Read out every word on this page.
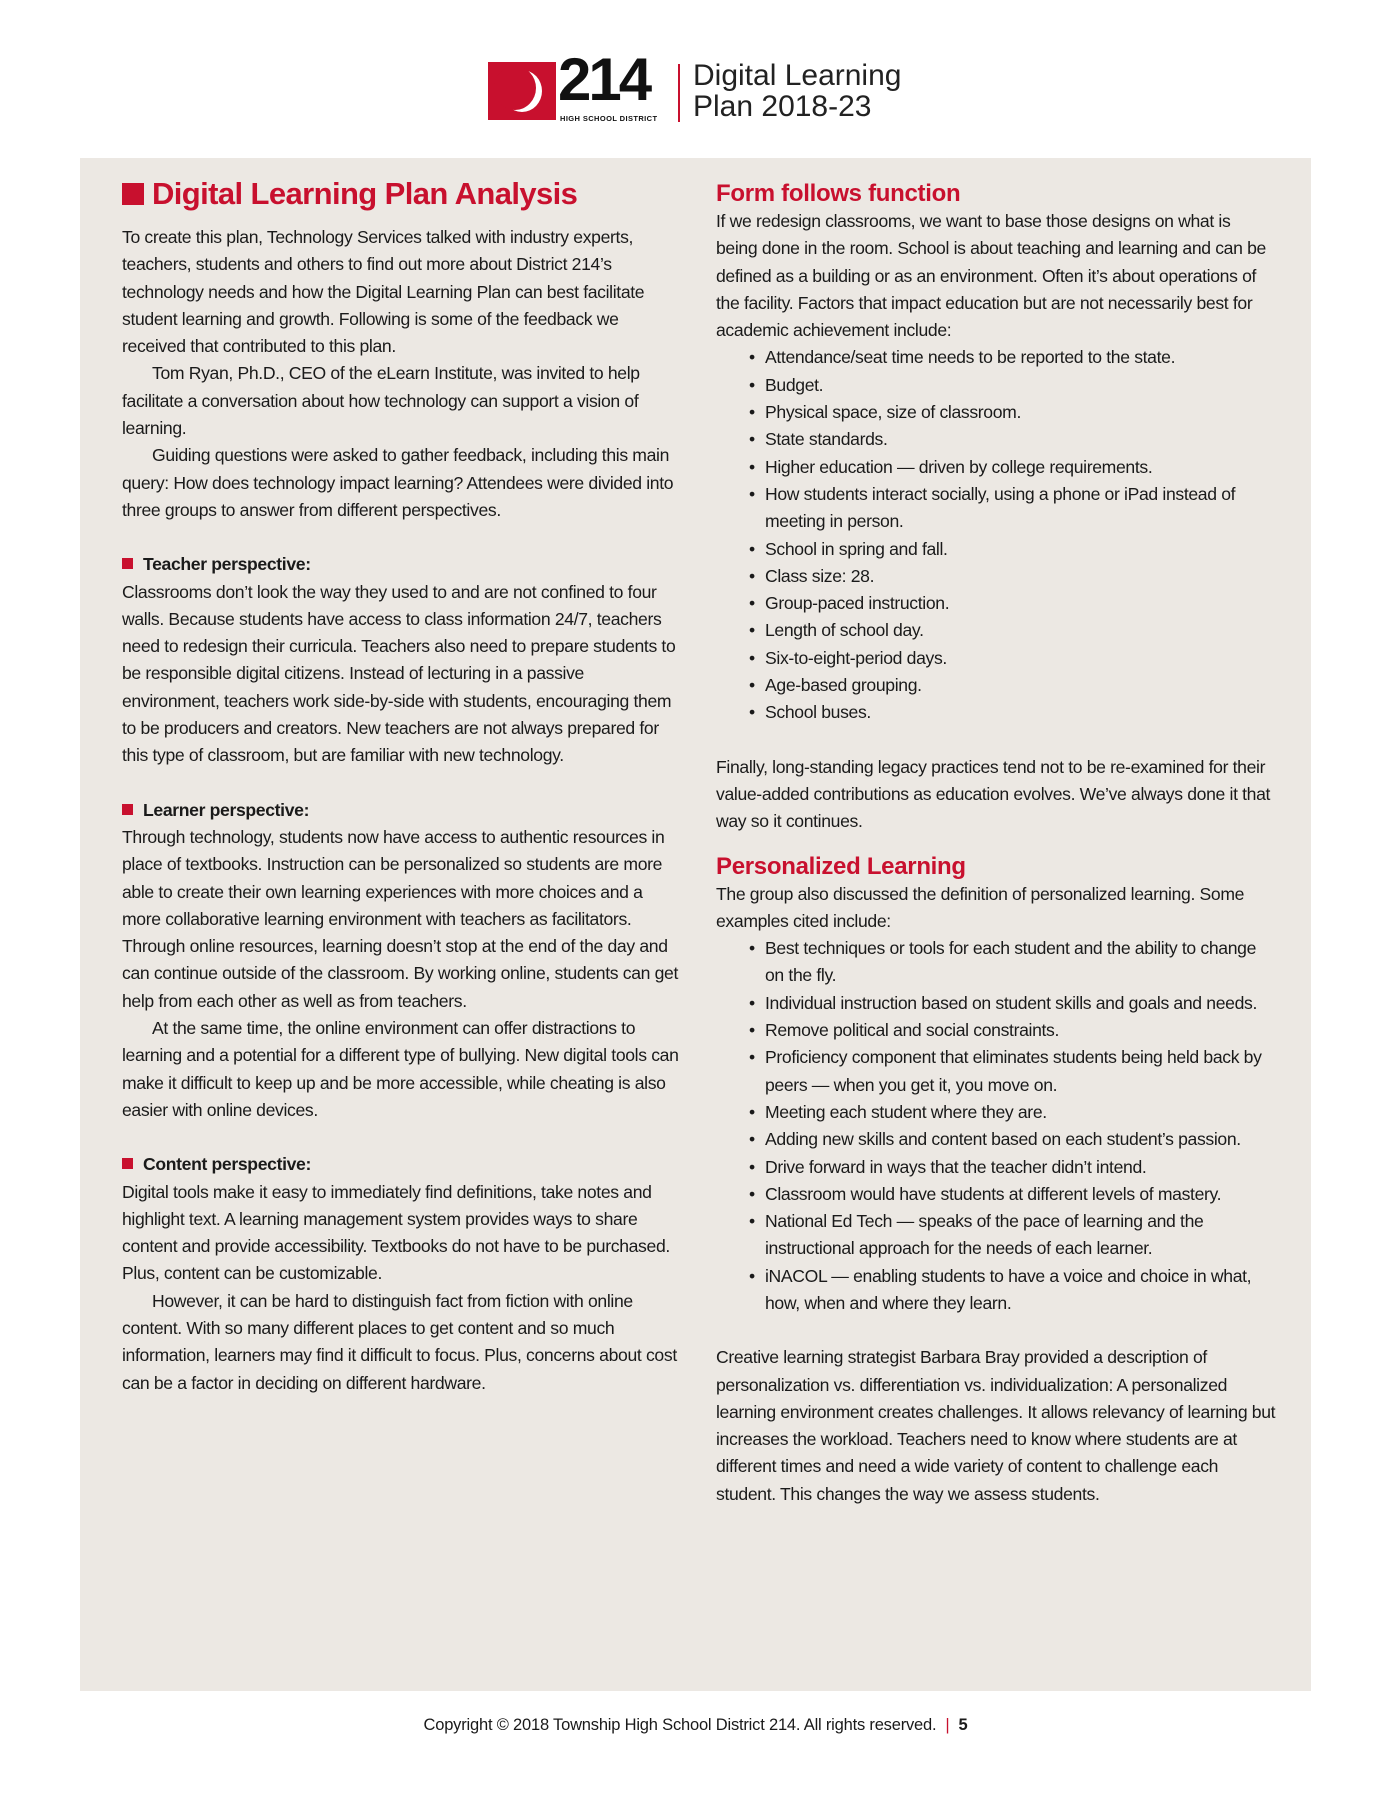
214
HIGH SCHOOL DISTRICT
Digital Learning
Plan 2018-23
Digital Learning Plan Analysis

To create this plan, Technology Services talked with industry experts, teachers, students and others to find out more about District 214’s technology needs and how the Digital Learning Plan can best facilitate student learning and growth. Following is some of the feedback we received that contributed to this plan.

Tom Ryan, Ph.D., CEO of the eLearn Institute, was invited to help facilitate a conversation about how technology can support a vision of learning.

Guiding questions were asked to gather feedback, including this main query: How does technology impact learning? Attendees were divided into three groups to answer from different perspectives.

Teacher perspective:

Classrooms don’t look the way they used to and are not confined to four walls. Because students have access to class information 24/7, teachers need to redesign their curricula. Teachers also need to prepare students to be responsible digital citizens. Instead of lecturing in a passive environment, teachers work side-by-side with students, encouraging them to be producers and creators. New teachers are not always prepared for this type of classroom, but are familiar with new technology.

Learner perspective:

Through technology, students now have access to authentic resources in place of textbooks. Instruction can be personalized so students are more able to create their own learning experiences with more choices and a more collaborative learning environment with teachers as facilitators. Through online resources, learning doesn’t stop at the end of the day and can continue outside of the classroom. By working online, students can get help from each other as well as from teachers.

At the same time, the online environment can offer distractions to learning and a potential for a different type of bullying. New digital tools can make it difficult to keep up and be more accessible, while cheating is also easier with online devices.

Content perspective:

Digital tools make it easy to immediately find definitions, take notes and highlight text. A learning management system provides ways to share content and provide accessibility. Textbooks do not have to be purchased. Plus, content can be customizable.

However, it can be hard to distinguish fact from fiction with online content. With so many different places to get content and so much information, learners may find it difficult to focus. Plus, concerns about cost can be a factor in deciding on different hardware.

Form follows function

If we redesign classrooms, we want to base those designs on what is being done in the room. School is about teaching and learning and can be defined as a building or as an environment. Often it’s about operations of the facility. Factors that impact education but are not necessarily best for academic achievement include:

• Attendance/seat time needs to be reported to the state.
• Budget.
• Physical space, size of classroom.
• State standards.
• Higher education — driven by college requirements.
• How students interact socially, using a phone or iPad instead of meeting in person.
• School in spring and fall.
• Class size: 28.
• Group-paced instruction.
• Length of school day.
• Six-to-eight-period days.
• Age-based grouping.
• School buses.

Finally, long-standing legacy practices tend not to be re-examined for their value-added contributions as education evolves. We’ve always done it that way so it continues.

Personalized Learning

The group also discussed the definition of personalized learning. Some examples cited include:

• Best techniques or tools for each student and the ability to change on the fly.
• Individual instruction based on student skills and goals and needs.
• Remove political and social constraints.
• Proficiency component that eliminates students being held back by peers — when you get it, you move on.
• Meeting each student where they are.
• Adding new skills and content based on each student’s passion.
• Drive forward in ways that the teacher didn’t intend.
• Classroom would have students at different levels of mastery.
• National Ed Tech — speaks of the pace of learning and the instructional approach for the needs of each learner.
• iNACOL — enabling students to have a voice and choice in what, how, when and where they learn.

Creative learning strategist Barbara Bray provided a description of personalization vs. differentiation vs. individualization: A personalized learning environment creates challenges. It allows relevancy of learning but increases the workload. Teachers need to know where students are at different times and need a wide variety of content to challenge each student. This changes the way we assess students.

Copyright © 2018 Township High School District 214. All rights reserved. | 5
